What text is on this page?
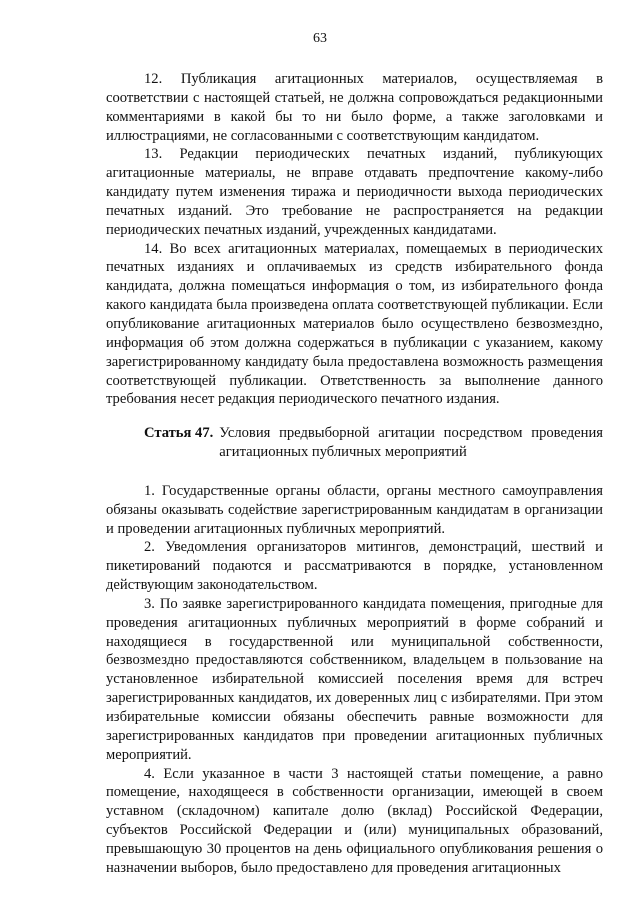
63

12. Публикация агитационных материалов, осуществляемая в соответствии с настоящей статьей, не должна сопровождаться редакционными комментариями в какой бы то ни было форме, а также заголовками и иллюстрациями, не согласованными с соответствующим кандидатом.

13. Редакции периодических печатных изданий, публикующих агитационные материалы, не вправе отдавать предпочтение какому-либо кандидату путем изменения тиража и периодичности выхода периодических печатных изданий. Это требование не распространяется на редакции периодических печатных изданий, учрежденных кандидатами.

14. Во всех агитационных материалах, помещаемых в периодических печатных изданиях и оплачиваемых из средств избирательного фонда кандидата, должна помещаться информация о том, из избирательного фонда какого кандидата была произведена оплата соответствующей публикации. Если опубликование агитационных материалов было осуществлено безвозмездно, информация об этом должна содержаться в публикации с указанием, какому зарегистрированному кандидату была предоставлена возможность размещения соответствующей публикации. Ответственность за выполнение данного требования несет редакция периодического печатного издания.

Статья 47. Условия предвыборной агитации посредством проведения агитационных публичных мероприятий

1. Государственные органы области, органы местного самоуправления обязаны оказывать содействие зарегистрированным кандидатам в организации и проведении агитационных публичных мероприятий.

2. Уведомления организаторов митингов, демонстраций, шествий и пикетирований подаются и рассматриваются в порядке, установленном действующим законодательством.

3. По заявке зарегистрированного кандидата помещения, пригодные для проведения агитационных публичных мероприятий в форме собраний и находящиеся в государственной или муниципальной собственности, безвозмездно предоставляются собственником, владельцем в пользование на установленное избирательной комиссией поселения время для встреч зарегистрированных кандидатов, их доверенных лиц с избирателями. При этом избирательные комиссии обязаны обеспечить равные возможности для зарегистрированных кандидатов при проведении агитационных публичных мероприятий.

4. Если указанное в части 3 настоящей статьи помещение, а равно помещение, находящееся в собственности организации, имеющей в своем уставном (складочном) капитале долю (вклад) Российской Федерации, субъектов Российской Федерации и (или) муниципальных образований, превышающую 30 процентов на день официального опубликования решения о назначении выборов, было предоставлено для проведения агитационных
